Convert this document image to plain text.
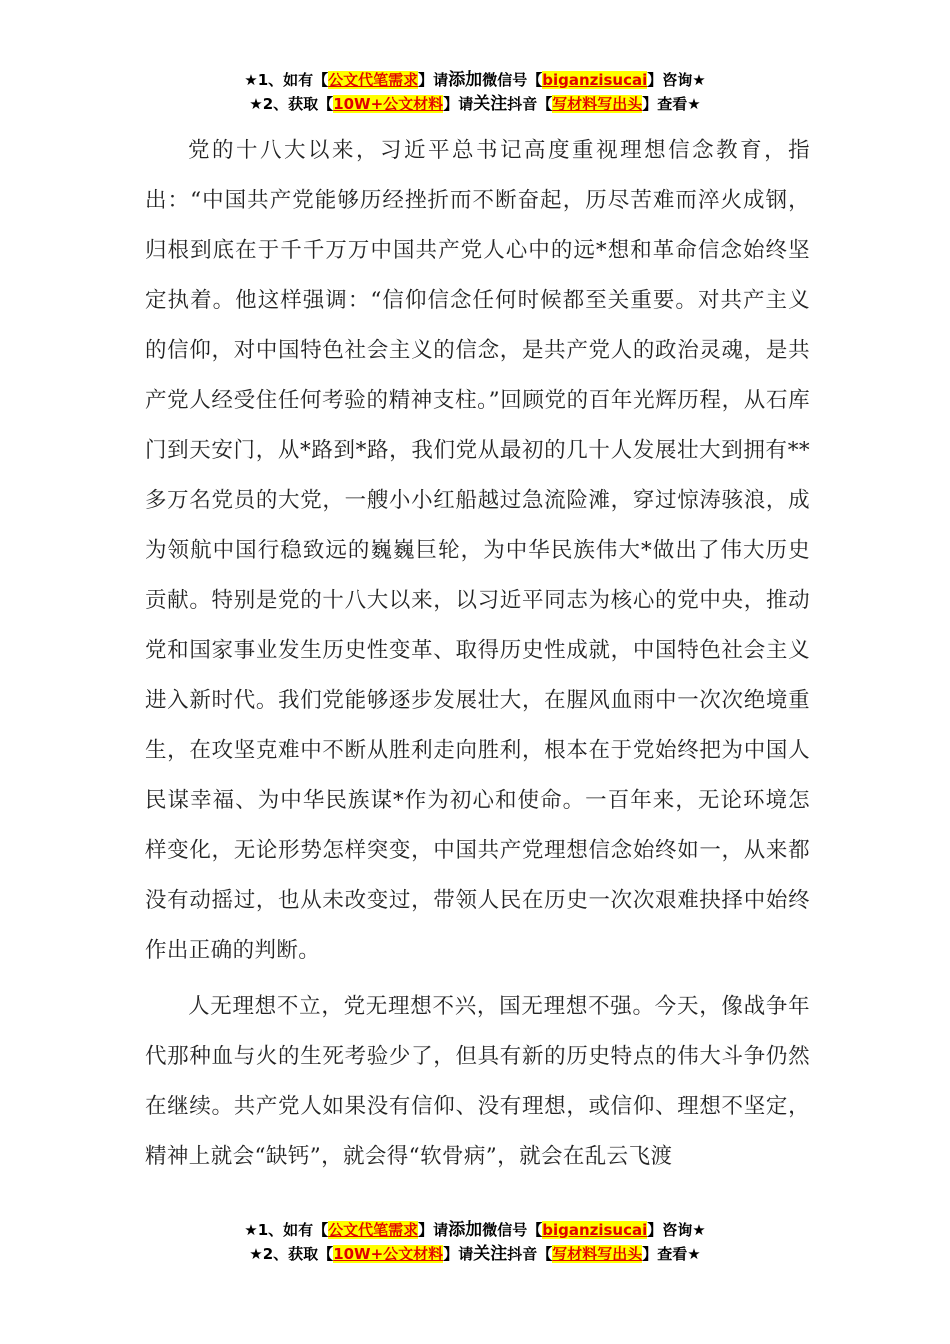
★1、如有【公文代笔需求】请添加微信号【biganzisucai】咨询★
★2、获取【10W+公文材料】请关注抖音【写材料写出头】查看★

党的十八大以来，习近平总书记高度重视理想信念教育，指出：“中国共产党能够历经挫折而不断奋起，历尽苦难而淬火成钢，归根到底在于千千万万中国共产党人心中的远*想和革命信念始终坚定执着。他这样强调：“信仰信念任何时候都至关重要。对共产主义的信仰，对中国特色社会主义的信念，是共产党人的政治灵魂，是共产党人经受住任何考验的精神支柱。”回顾党的百年光辉历程，从石库门到天安门，从*路到*路，我们党从最初的几十人发展壮大到拥有**多万名党员的大党，一艘小小红船越过急流险滩，穿过惊涛骇浪，成为领航中国行稳致远的巍巍巨轮，为中华民族伟大*做出了伟大历史贡献。特别是党的十八大以来，以习近平同志为核心的党中央，推动党和国家事业发生历史性变革、取得历史性成就，中国特色社会主义进入新时代。我们党能够逐步发展壮大，在腥风血雨中一次次绝境重生，在攻坚克难中不断从胜利走向胜利，根本在于党始终把为中国人民谋幸福、为中华民族谋*作为初心和使命。一百年来，无论环境怎样变化，无论形势怎样突变，中国共产党理想信念始终如一，从来都没有动摇过，也从未改变过，带领人民在历史一次次艰难抉择中始终作出正确的判断。

人无理想不立，党无理想不兴，国无理想不强。今天，像战争年代那种血与火的生死考验少了，但具有新的历史特点的伟大斗争仍然在继续。共产党人如果没有信仰、没有理想，或信仰、理想不坚定，精神上就会“缺钙”，就会得“软骨病”，就会在乱云飞渡

★1、如有【公文代笔需求】请添加微信号【biganzisucai】咨询★
★2、获取【10W+公文材料】请关注抖音【写材料写出头】查看★
